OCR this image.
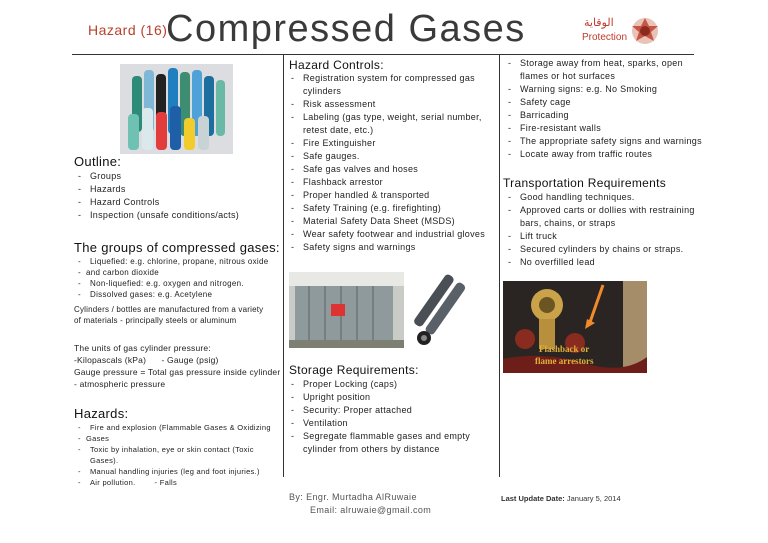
Hazard (16)
Compressed Gases	الوقاية
Protection
Outline:
- Groups
- Hazards
- Hazard Controls
- Inspection (unsafe conditions/acts)
The groups of compressed gases:
- Liquefied: e.g. chlorine, propane, nitrous oxide
- and carbon dioxide
- Non-liquefied: e.g. oxygen and nitrogen.
- Dissolved gases: e.g. Acetylene
Cylinders / bottles are manufactured from a variety
of materials - principally steels or aluminum
The units of gas cylinder pressure:
-Kilopascals (kPa)      - Gauge (psig)
Gauge pressure = Total gas pressure inside cylinder
- atmospheric pressure
Hazards:
- Fire and explosion (Flammable Gases & Oxidizing
- Gases
- Toxic by inhalation, eye or skin contact (Toxic Gases).
- Manual handling injuries (leg and foot injuries.)
- Air pollution.        - Falls
Hazard Controls:
- Registration system for compressed gas
cylinders
- Risk assessment
- Labeling (gas type, weight, serial number,
retest date, etc.)
- Fire Extinguisher
- Safe gauges.
- Safe gas valves and hoses
- Flashback arrestor
- Proper handled & transported
- Safety Training (e.g. firefighting)
- Material Safety Data Sheet (MSDS)
- Wear safety footwear and industrial gloves
- Safety signs and warnings
Storage Requirements:
- Proper Locking (caps)
- Upright position
- Security: Proper attached
- Ventilation
- Segregate flammable gases and empty
cylinder from others by distance
- Storage away from heat, sparks, open
flames or hot surfaces
- Warning signs: e.g. No Smoking
- Safety cage
- Barricading
- Fire-resistant walls
- The appropriate safety signs and warnings
- Locate away from traffic routes
Transportation Requirements
- Good handling techniques.
- Approved carts or dollies with restraining
bars, chains, or straps
- Lift truck
- Secured cylinders by chains or straps.
- No overfilled lead
Flashback or
flame arrestors
By: Engr. Murtadha AlRuwaie
Email: alruwaie@gmail.com
Last Update Date: January 5, 2014
